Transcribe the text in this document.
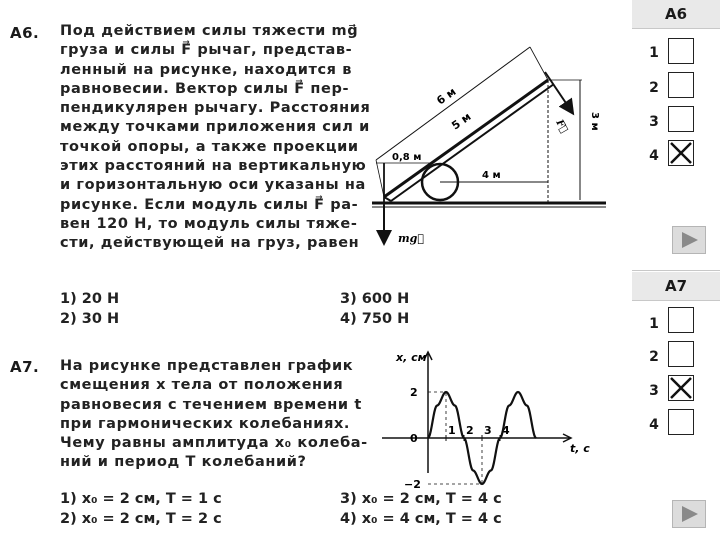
А6. Под действием силы тяжести mg⃗
груза и силы F⃗ рычаг, представ-
ленный на рисунке, находится в
равновесии. Вектор силы F⃗ пер-
пендикулярен рычагу. Расстояния
между точками приложения сил и
точкой опоры, а также проекции
этих расстояний на вертикальную
и горизонтальную оси указаны на
рисунке. Если модуль силы F⃗ ра-
вен 120 Н, то модуль силы тяже-
сти, действующей на груз, равен
1) 20 Н
2) 30 Н
3) 600 Н
4) 750 Н
6 м
5 м	3 м
0,8 м
4 м
F⃗
mg⃗
А7. На рисунке представлен график
смещения x тела от положения
равновесия с течением времени t
при гармонических колебаниях.
Чему равны амплитуда x₀ колеба-
ний и период T колебаний?
1) x₀ = 2 см, T = 1 с
2) x₀ = 2 см, T = 2 с
3) x₀ = 2 см, T = 4 с
4) x₀ = 4 см, T = 4 с
1 2 3 4
2
0
−2
x, см
t, с
А6
1
2
3
4
А7
1
2
3
4
